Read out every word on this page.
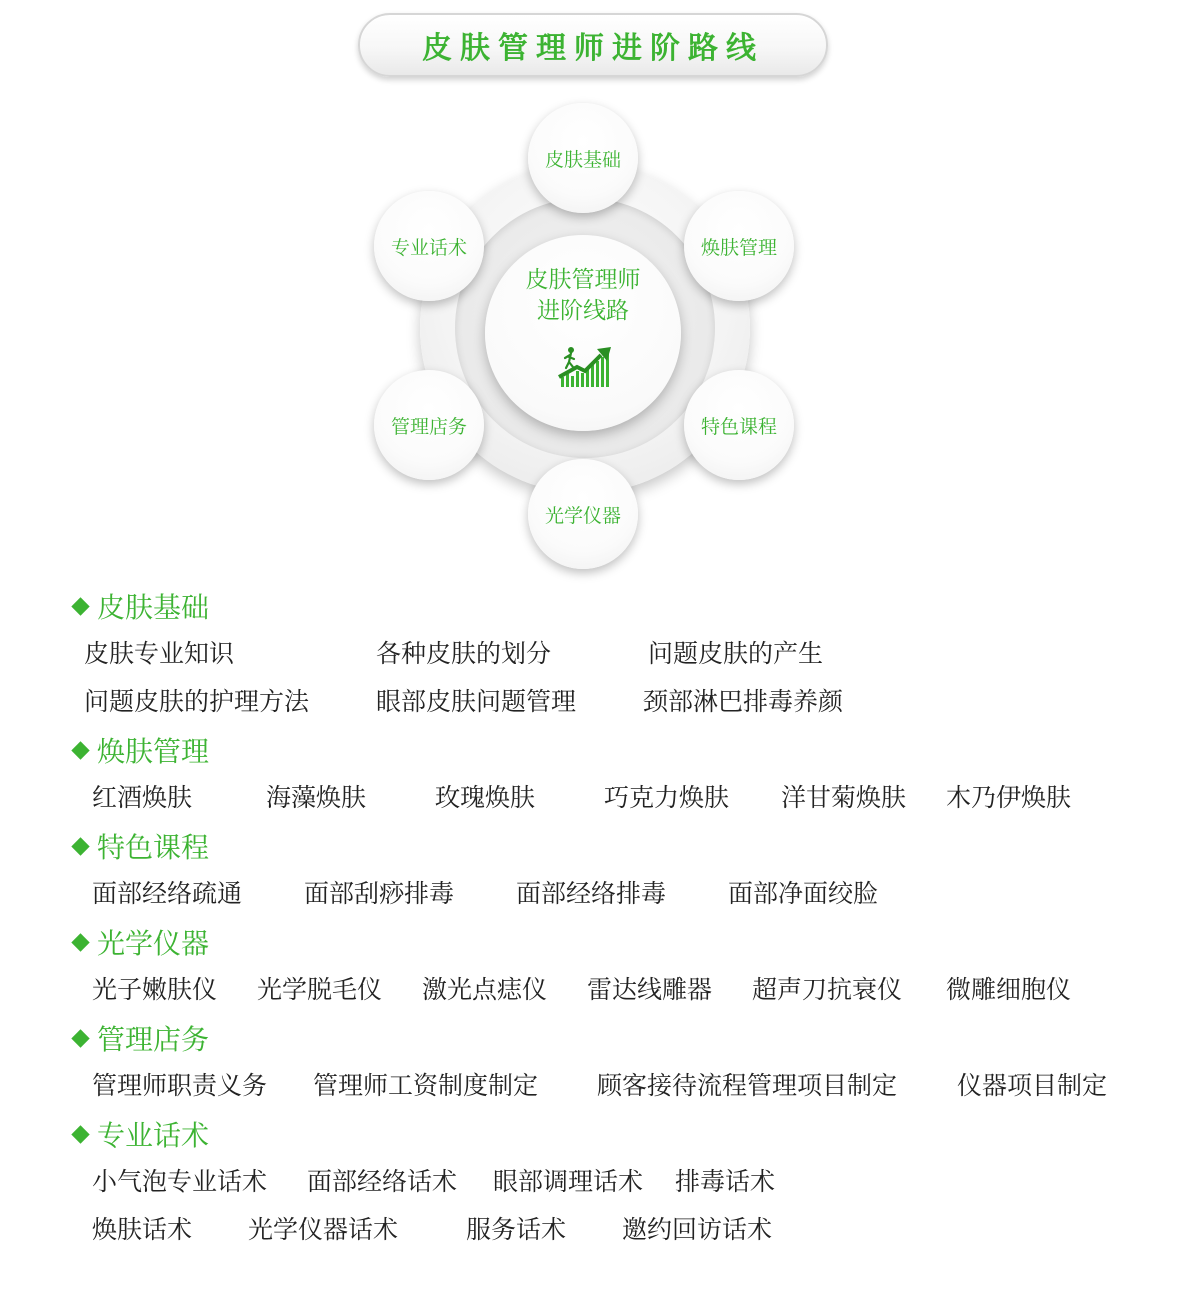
皮肤管理师进阶路线
皮肤管理师
进阶线路
皮肤基础
焕肤管理
特色课程
光学仪器
管理店务
专业话术
皮肤基础
皮肤专业知识	各种皮肤的划分	问题皮肤的产生
问题皮肤的护理方法	眼部皮肤问题管理	颈部淋巴排毒养颜
焕肤管理
红酒焕肤	海藻焕肤	玫瑰焕肤	巧克力焕肤 洋甘菊焕肤 木乃伊焕肤
特色课程
面部经络疏通 面部刮痧排毒 面部经络排毒 面部净面绞脸
光学仪器
光子嫩肤仪 光学脱毛仪 激光点痣仪 雷达线雕器 超声刀抗衰仪 微雕细胞仪
管理店务
管理师职责义务 管理师工资制度制定 顾客接待流程管理项目制定 仪器项目制定
专业话术
小气泡专业话术 面部经络话术 眼部调理话术 排毒话术
焕肤话术 光学仪器话术	服务话术 邀约回访话术
